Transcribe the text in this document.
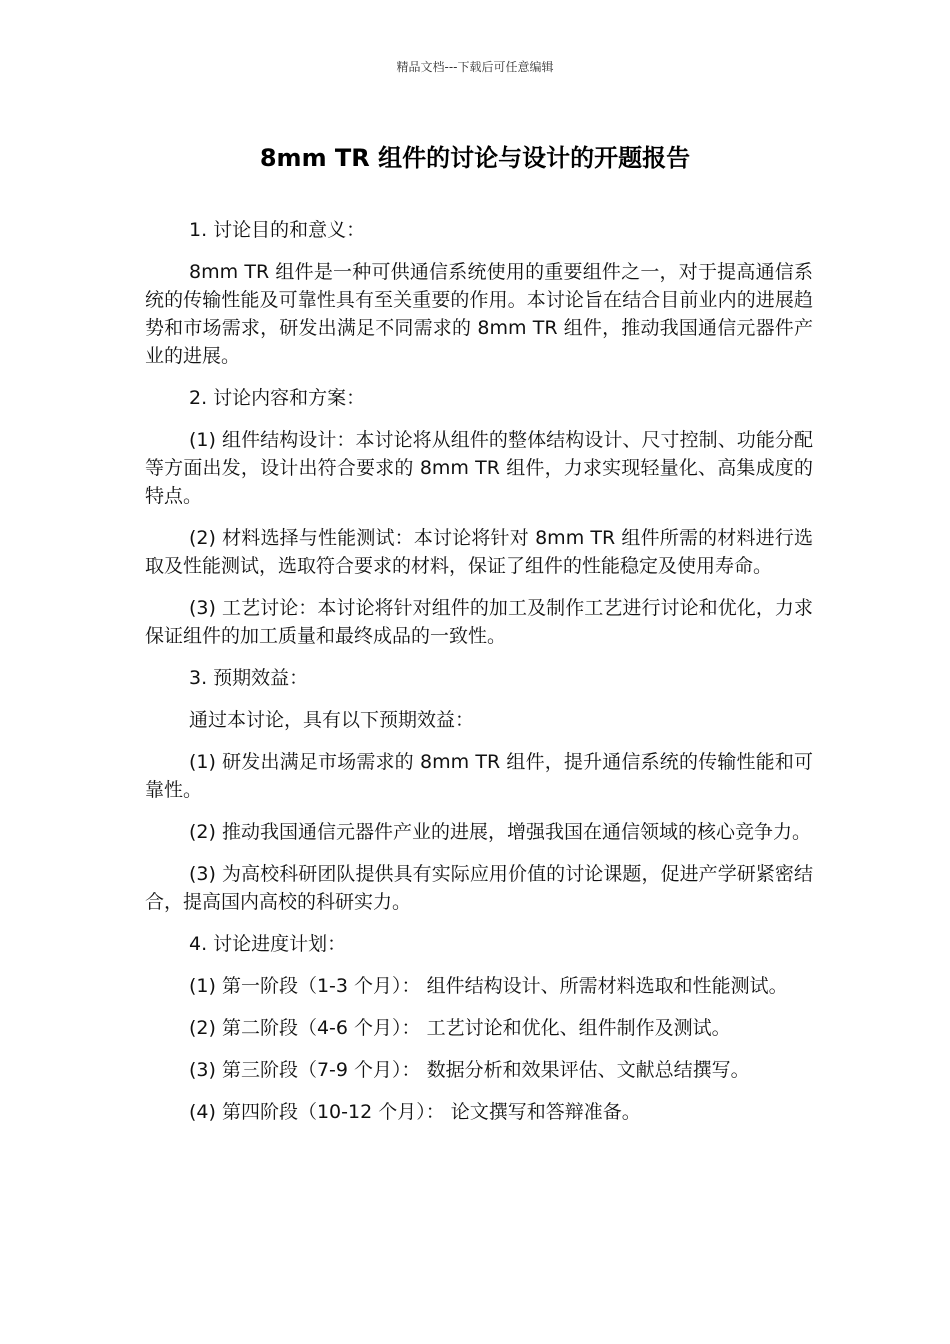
精品文档---下载后可任意编辑
8mm TR 组件的讨论与设计的开题报告

1. 讨论目的和意义：

8mm TR 组件是一种可供通信系统使用的重要组件之一，对于提高通信系统的传输性能及可靠性具有至关重要的作用。本讨论旨在结合目前业内的进展趋势和市场需求，研发出满足不同需求的 8mm TR 组件，推动我国通信元器件产业的进展。

2. 讨论内容和方案：

(1) 组件结构设计：本讨论将从组件的整体结构设计、尺寸控制、功能分配等方面出发，设计出符合要求的 8mm TR 组件，力求实现轻量化、高集成度的特点。

(2) 材料选择与性能测试：本讨论将针对 8mm TR 组件所需的材料进行选取及性能测试，选取符合要求的材料，保证了组件的性能稳定及使用寿命。

(3) 工艺讨论：本讨论将针对组件的加工及制作工艺进行讨论和优化，力求保证组件的加工质量和最终成品的一致性。

3. 预期效益：

通过本讨论，具有以下预期效益：

(1) 研发出满足市场需求的 8mm TR 组件，提升通信系统的传输性能和可靠性。

(2) 推动我国通信元器件产业的进展，增强我国在通信领域的核心竞争力。

(3) 为高校科研团队提供具有实际应用价值的讨论课题，促进产学研紧密结合，提高国内高校的科研实力。

4. 讨论进度计划：

(1) 第一阶段（1-3 个月）： 组件结构设计、所需材料选取和性能测试。

(2) 第二阶段（4-6 个月）： 工艺讨论和优化、组件制作及测试。

(3) 第三阶段（7-9 个月）： 数据分析和效果评估、文献总结撰写。

(4) 第四阶段（10-12 个月）： 论文撰写和答辩准备。
